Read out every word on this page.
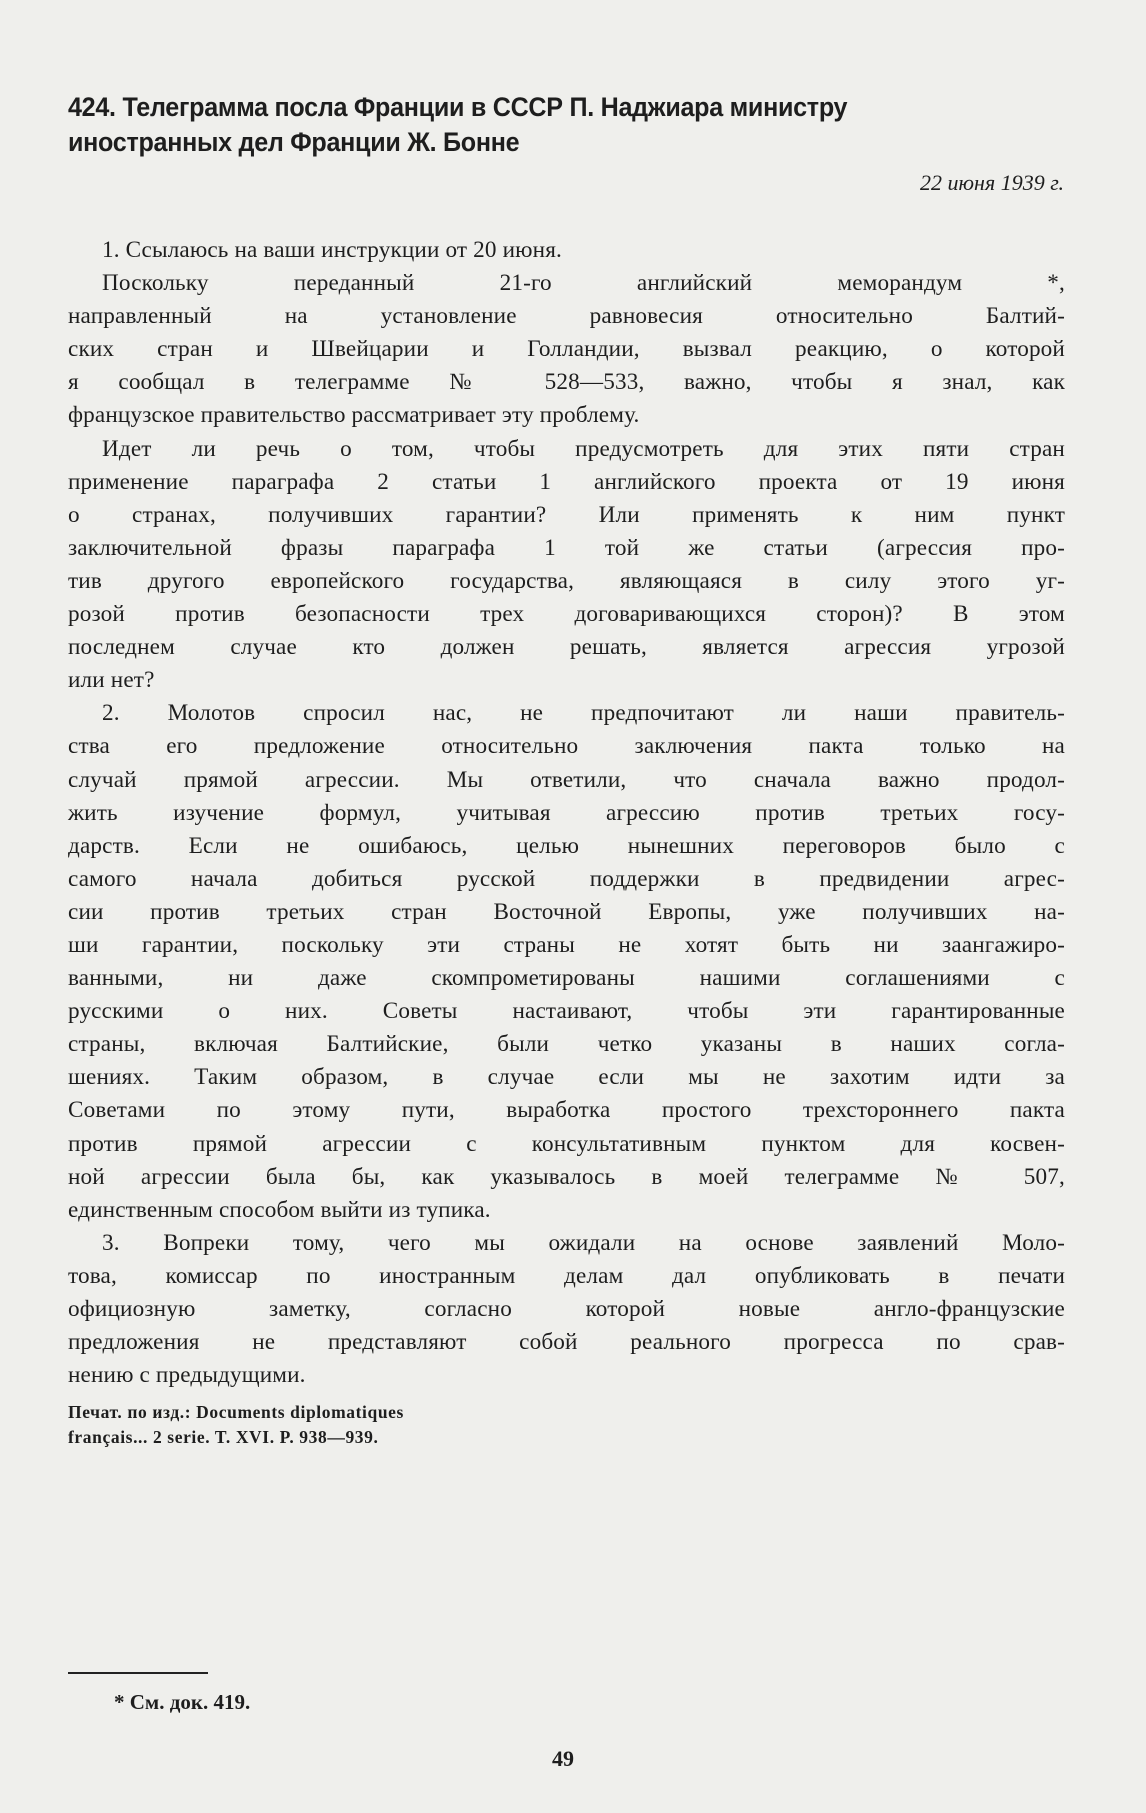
424. Телеграмма посла Франции в СССР П. Наджиара министру
иностранных дел Франции Ж. Бонне
22 июня 1939 г.
1. Ссылаюсь на ваши инструкции от 20 июня.
Поскольку переданный 21-го английский меморандум *,
направленный на установление равновесия относительно Балтий-
ских стран и Швейцарии и Голландии, вызвал реакцию, о которой
я сообщал в телеграмме № 528—533, важно, чтобы я знал, как
французское правительство рассматривает эту проблему.
Идет ли речь о том, чтобы предусмотреть для этих пяти стран
применение параграфа 2 статьи 1 английского проекта от 19 июня
о странах, получивших гарантии? Или применять к ним пункт
заключительной фразы параграфа 1 той же статьи (агрессия про-
тив другого европейского государства, являющаяся в силу этого уг-
розой против безопасности трех договаривающихся сторон)? В этом
последнем случае кто должен решать, является агрессия угрозой
или нет?
2. Молотов спросил нас, не предпочитают ли наши правитель-
ства его предложение относительно заключения пакта только на
случай прямой агрессии. Мы ответили, что сначала важно продол-
жить изучение формул, учитывая агрессию против третьих госу-
дарств. Если не ошибаюсь, целью нынешних переговоров было с
самого начала добиться русской поддержки в предвидении агрес-
сии против третьих стран Восточной Европы, уже получивших на-
ши гарантии, поскольку эти страны не хотят быть ни заангажиро-
ванными, ни даже скомпрометированы нашими соглашениями с
русскими о них. Советы настаивают, чтобы эти гарантированные
страны, включая Балтийские, были четко указаны в наших согла-
шениях. Таким образом, в случае если мы не захотим идти за
Советами по этому пути, выработка простого трехстороннего пакта
против прямой агрессии с консультативным пунктом для косвен-
ной агрессии была бы, как указывалось в моей телеграмме № 507,
единственным способом выйти из тупика.
3. Вопреки тому, чего мы ожидали на основе заявлений Моло-
това, комиссар по иностранным делам дал опубликовать в печати
официозную заметку, согласно которой новые англо-французские
предложения не представляют собой реального прогресса по срав-
нению с предыдущими.
Печат. по изд.: Documents diplomatiques
français... 2 serie. T. XVI. P. 938—939.
* См. док. 419.
49
